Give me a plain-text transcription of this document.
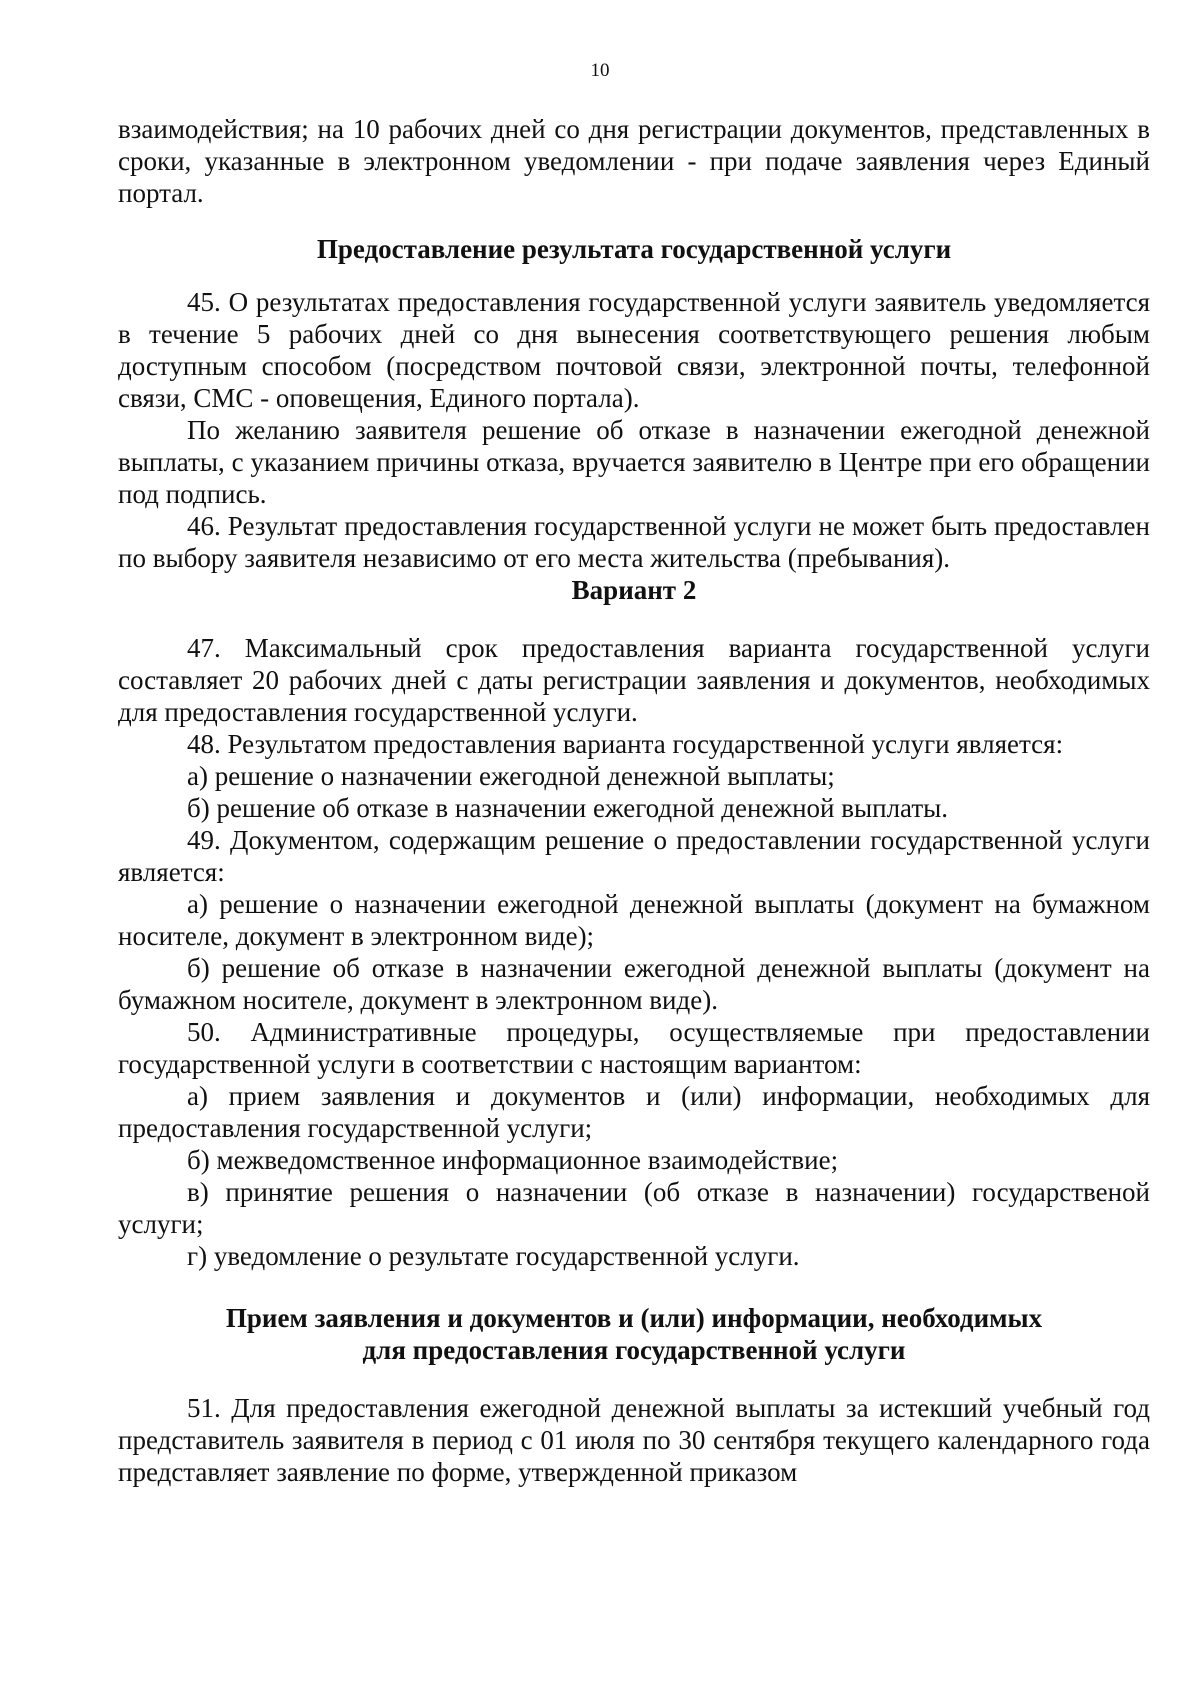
10

взаимодействия; на 10 рабочих дней со дня регистрации документов, представленных в сроки, указанные в электронном уведомлении - при подаче заявления через Единый портал.

Предоставление результата государственной услуги

45. О результатах предоставления государственной услуги заявитель уведомляется в течение 5 рабочих дней со дня вынесения соответствующего решения любым доступным способом (посредством почтовой связи, электронной почты, телефонной связи, СМС - оповещения, Единого портала).

По желанию заявителя решение об отказе в назначении ежегодной денежной выплаты, с указанием причины отказа, вручается заявителю в Центре при его обращении под подпись.

46. Результат предоставления государственной услуги не может быть предоставлен по выбору заявителя независимо от его места жительства (пребывания).

Вариант 2

47. Максимальный срок предоставления варианта государственной услуги составляет 20 рабочих дней с даты регистрации заявления и документов, необходимых для предоставления государственной услуги.

48. Результатом предоставления варианта государственной услуги является:

а) решение о назначении ежегодной денежной выплаты;

б) решение об отказе в назначении ежегодной денежной выплаты.

49. Документом, содержащим решение о предоставлении государственной услуги является:

а) решение о назначении ежегодной денежной выплаты (документ на бумажном носителе, документ в электронном виде);

б) решение об отказе в назначении ежегодной денежной выплаты (документ на бумажном носителе, документ в электронном виде).

50. Административные процедуры, осуществляемые при предоставлении государственной услуги в соответствии с настоящим вариантом:

а) прием заявления и документов и (или) информации, необходимых для предоставления государственной услуги;

б) межведомственное информационное взаимодействие;

в) принятие решения о назначении (об отказе в назначении) государственой услуги;

г) уведомление о результате государственной услуги.

Прием заявления и документов и (или) информации, необходимых
для предоставления государственной услуги

51. Для предоставления ежегодной денежной выплаты за истекший учебный год представитель заявителя в период с 01 июля по 30 сентября текущего календарного года представляет заявление по форме, утвержденной приказом
